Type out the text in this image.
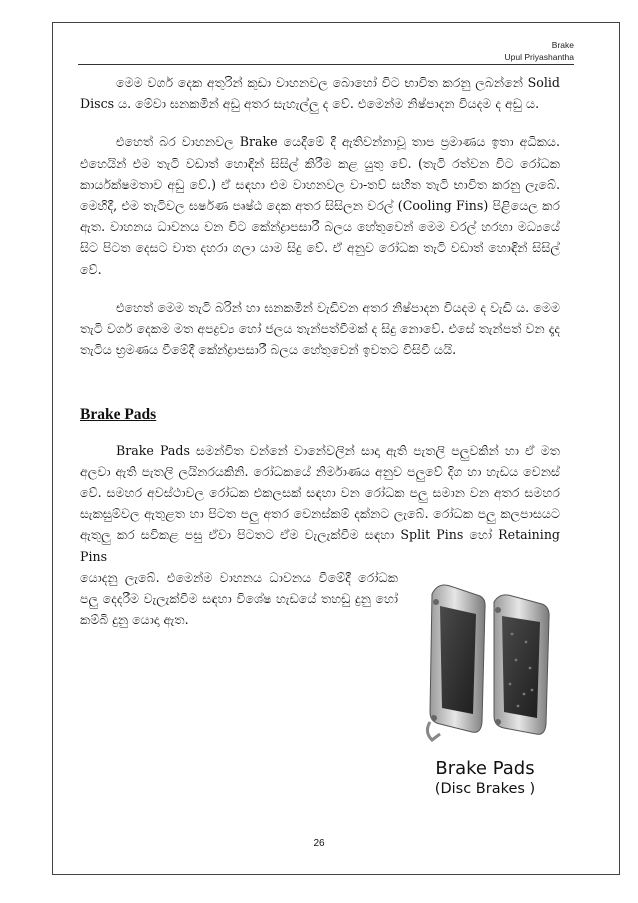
Brake
Upul Priyashantha

මෙම වර්ග දෙක අතුරින් කුඩා වාහනවල බොහෝ විට භාවිත කරනු ලබන්නේ Solid Discs ය. මේවා ඝනකමින් අඩු අතර සැහැල්ලු ද වේ. එමෙන්ම නිෂ්පාදන වියදම ද අඩු ය.

එහෙත් බර වාහනවල Brake යෙදීමේ දී ඇතිවන්නාවූ තාප ප්‍රමාණය ඉතා අධිකය. එහෙයින් එම තැටි වඩාත් හොඳින් සිසිල් කිරීම කළ යුතු වේ. (තැටි රත්වන විට රෝධක කාර්යක්ෂමතාව අඩු වේ.) ඒ සඳහා එම වාහනවල වා-තව් සහිත තැටි භාවිත කරනු ලැබේ. මෙහිදී, එම තැටිවල ඝර්ෂණ පෘෂ්ඨ දෙක අතර සිසිලන වරල් (Cooling Fins) පිළියෙල කර ඇත. වාහනය ධාවනය වන විට කේන්ද්‍රාපසාරී බලය හේතුවෙන් මෙම වරල් හරහා මධ්‍යයේ සිට පිටත දෙසට වාත දහරා ගලා යාම සිදු වේ. ඒ අනුව රෝධක තැටි වඩාත් හොඳින් සිසිල් වේ.

එහෙත් මෙම තැටි බරින් හා ඝනකමින් වැඩිවන අතර නිෂ්පාදන වියදම ද වැඩි ය. මෙම තැටි වර්ග දෙකම මත අපද්‍රව්‍ය හෝ ජලය තැන්පත්වීමක් ද සිදු නොවේ. එසේ තැන්පත් වන දෑද තැටිය භ්‍රමණය වීමේදී කේන්ද්‍රාපසාරී බලය හේතුවෙන් ඉවතට විසිවී යයි.

Brake Pads

Brake Pads සමන්විත වන්නේ වානේවලින් සාදා ඇති පැතලි පලුවකින් හා ඒ මත අලවා ඇති පැතලි ලයිනරයකිනි. රෝධකයේ නිර්මාණය අනුව පලුවේ දිග හා හැඩය වෙනස් වේ. සමහර අවස්ථාවල රෝධක එකලසක් සඳහා වන රෝධක පලු සමාන වන අතර සමහර සැකසුම්වල ඇතුළත හා පිටත පලු අතර වෙනස්කම් දක්නට ලැබේ. රෝධක පලු කලපාසයට ඇතුලු කර සවිකළ පසු ඒවා පිටතට ඒම වැලැක්වීම සඳහා Split Pins හෝ Retaining Pins

යොදනු ලැබේ. එමෙන්ම වාහනය ධාවනය වීමේදී රෝධක පලු දෙදරීම වැලැක්වීම සඳහා විශේෂ හැඩයේ තහඩු දුනු හෝ කම්බි දුනු යොදා ඇත.
Brake Pads
(Disc Brakes )
26
